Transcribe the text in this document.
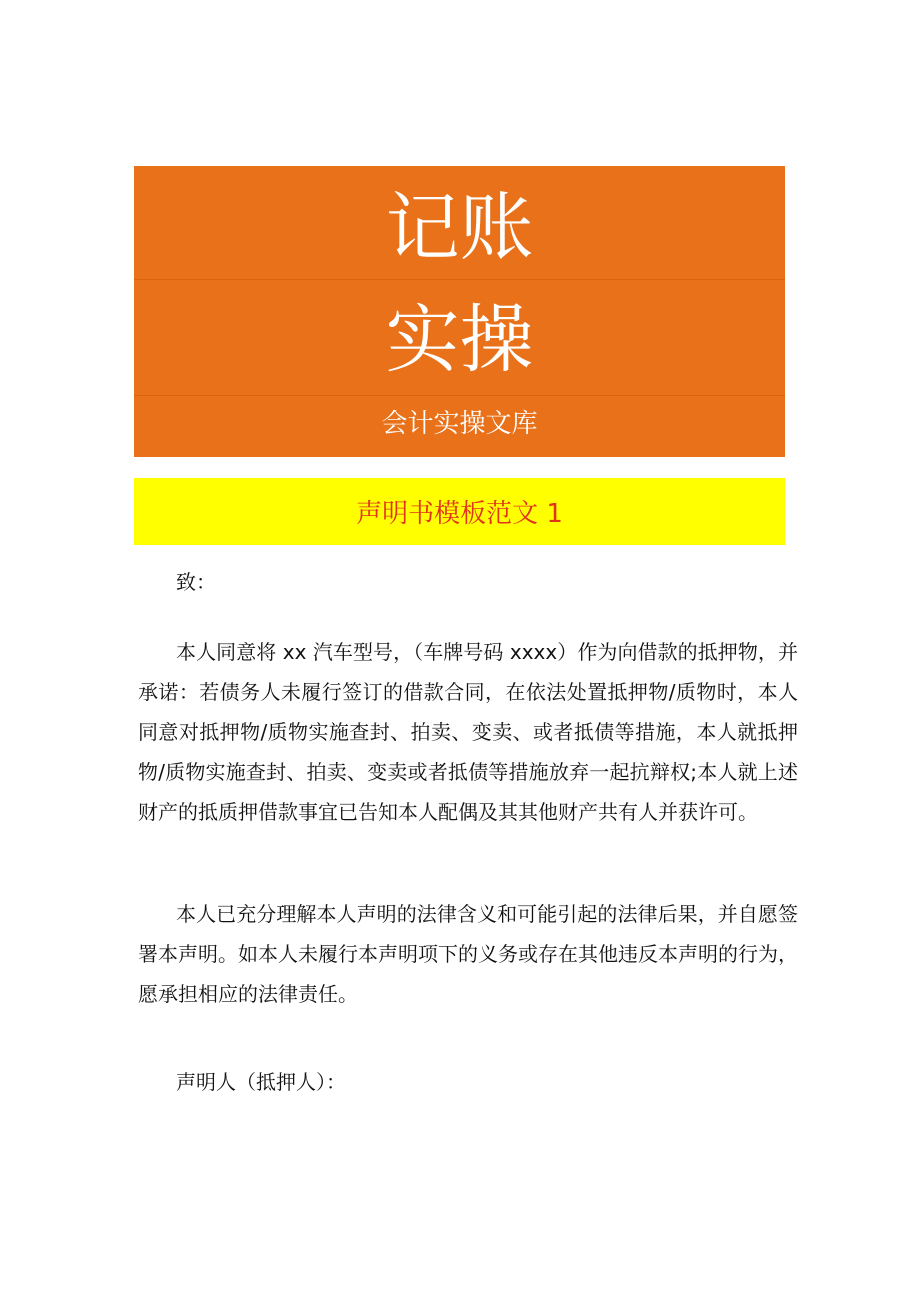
记账
实操
会计实操文库
声明书模板范文 1

致：

本人同意将 xx 汽车型号，（车牌号码 xxxx）作为向借款的抵押物，并承诺：若债务人未履行签订的借款合同，在依法处置抵押物/质物时，本人同意对抵押物/质物实施查封、拍卖、变卖、或者抵债等措施，本人就抵押物/质物实施查封、拍卖、变卖或者抵债等措施放弃一起抗辩权;本人就上述财产的抵质押借款事宜已告知本人配偶及其其他财产共有人并获许可。

本人已充分理解本人声明的法律含义和可能引起的法律后果，并自愿签署本声明。如本人未履行本声明项下的义务或存在其他违反本声明的行为，愿承担相应的法律责任。

声明人（抵押人）：
